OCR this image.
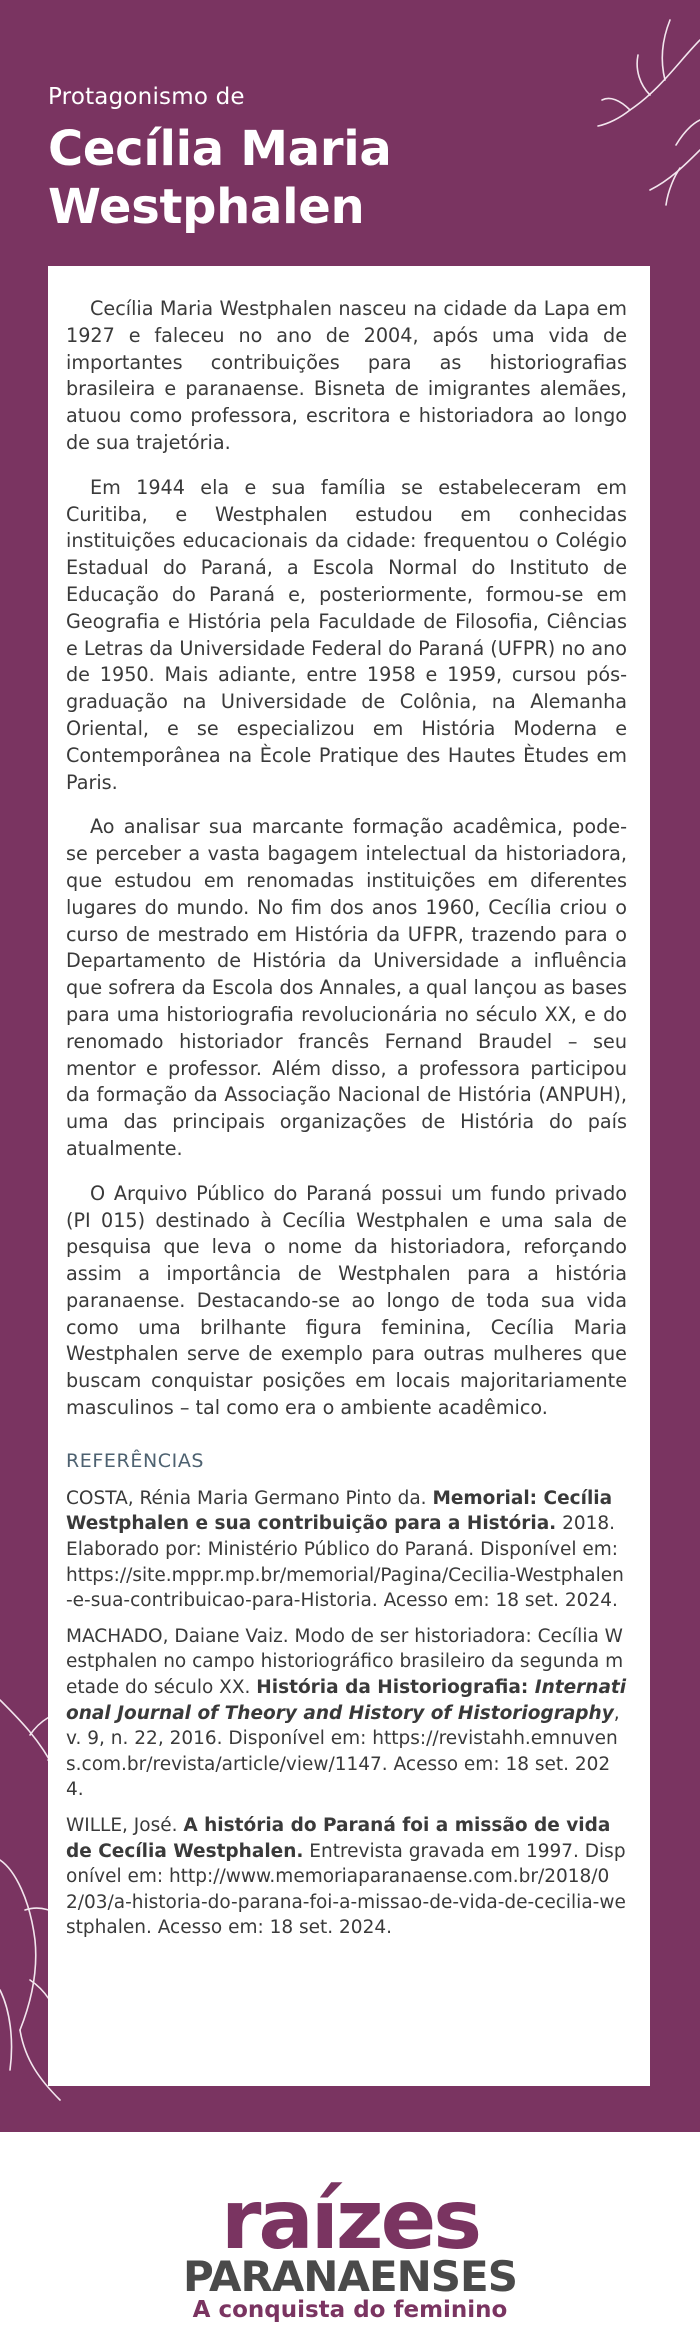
Protagonismo de
Cecília Maria
Westphalen

Cecília Maria Westphalen nasceu na cidade da Lapa em 1927 e faleceu no ano de 2004, após uma vida de importantes contribuições para as historiografias brasileira e paranaense. Bisneta de imigrantes alemães, atuou como professora, escritora e historiadora ao longo de sua trajetória.

Em 1944 ela e sua família se estabeleceram em Curitiba, e Westphalen estudou em conhecidas instituições educacionais da cidade: frequentou o Colégio Estadual do Paraná, a Escola Normal do Instituto de Educação do Paraná e, posteriormente, formou-se em Geografia e História pela Faculdade de Filosofia, Ciências e Letras da Universidade Federal do Paraná (UFPR) no ano de 1950. Mais adiante, entre 1958 e 1959, cursou pós-graduação na Universidade de Colônia, na Alemanha Oriental, e se especializou em História Moderna e Contemporânea na Ècole Pratique des Hautes Ètudes em Paris.

Ao analisar sua marcante formação acadêmica, pode-se perceber a vasta bagagem intelectual da historiadora, que estudou em renomadas instituições em diferentes lugares do mundo. No fim dos anos 1960, Cecília criou o curso de mestrado em História da UFPR, trazendo para o Departamento de História da Universidade a influência que sofrera da Escola dos Annales, a qual lançou as bases para uma historiografia revolucionária no século XX, e do renomado historiador francês Fernand Braudel – seu mentor e professor. Além disso, a professora participou da formação da Associação Nacional de História (ANPUH), uma das principais organizações de História do país atualmente.

O Arquivo Público do Paraná possui um fundo privado (PI 015) destinado à Cecília Westphalen e uma sala de pesquisa que leva o nome da historiadora, reforçando assim a importância de Westphalen para a história paranaense. Destacando-se ao longo de toda sua vida como uma brilhante figura feminina, Cecília Maria Westphalen serve de exemplo para outras mulheres que buscam conquistar posições em locais majoritariamente masculinos – tal como era o ambiente acadêmico.

REFERÊNCIAS

COSTA, Rénia Maria Germano Pinto da. Memorial: Cecília Westphalen e sua contribuição para a História. 2018. Elaborado por: Ministério Público do Paraná. Disponível em: https://site.mppr.mp.br/memorial/Pagina/Cecilia-Westphalen-e-sua-contribuicao-para-Historia. Acesso em: 18 set. 2024.

MACHADO, Daiane Vaiz. Modo de ser historiadora: Cecília Westphalen no campo historiográfico brasileiro da segunda metade do século XX. História da Historiografia: International Journal of Theory and History of Historiography, v. 9, n. 22, 2016. Disponível em: https://revistahh.emnuvens.com.br/revista/article/view/1147. Acesso em: 18 set. 2024.

WILLE, José. A história do Paraná foi a missão de vida de Cecília Westphalen. Entrevista gravada em 1997. Disponível em: http://www.memoriaparanaense.com.br/2018/02/03/a-historia-do-parana-foi-a-missao-de-vida-de-cecilia-westphalen. Acesso em: 18 set. 2024.

raízes
PARANAENSES
A conquista do feminino
